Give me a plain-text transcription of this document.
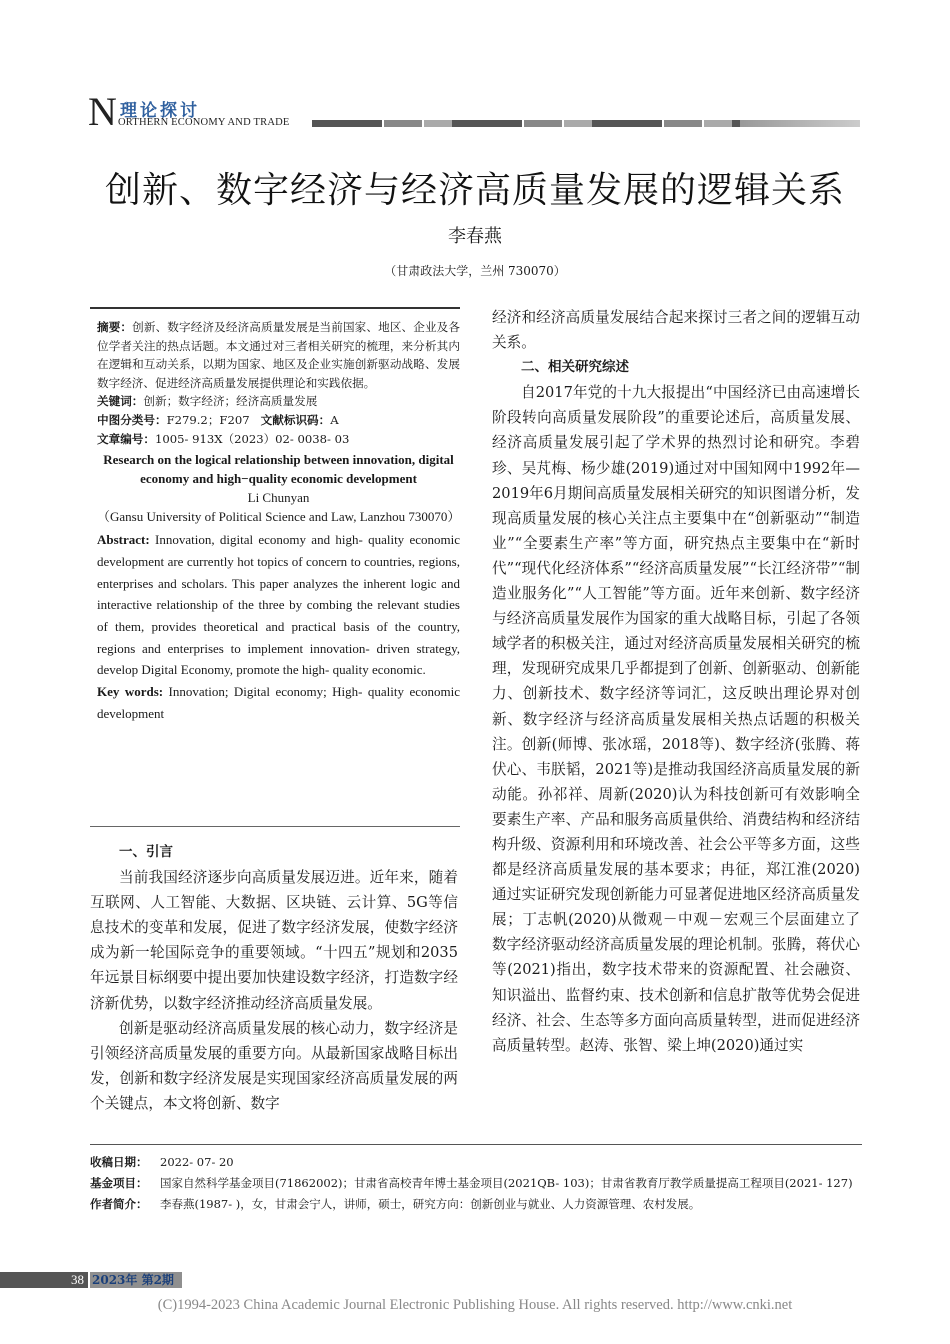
N 理论探讨
ORTHERN ECONOMY AND TRADE
创新、数字经济与经济高质量发展的逻辑关系
李春燕
（甘肃政法大学，兰州 730070）

摘要：创新、数字经济及经济高质量发展是当前国家、地区、企业及各位学者关注的热点话题。本文通过对三者相关研究的梳理，来分析其内在逻辑和互动关系，以期为国家、地区及企业实施创新驱动战略、发展数字经济、促进经济高质量发展提供理论和实践依据。

关键词：创新；数字经济；经济高质量发展

中图分类号：F279.2；F207 文献标识码：A

文章编号：1005- 913X（2023）02- 0038- 03

Research on the logical relationship between innovation, digital economy and high−quality economic development

Li Chunyan

（Gansu University of Political Science and Law, Lanzhou 730070）

Abstract: Innovation, digital economy and high- quality economic development are currently hot topics of concern to countries, regions, enterprises and scholars. This paper analyzes the inherent logic and interactive relationship of the three by combing the relevant studies of them, provides theoretical and practical basis of the country, regions and enterprises to implement innovation- driven strategy, develop Digital Economy, promote the high- quality economic.

Key words: Innovation; Digital economy; High- quality economic development

一、引言

当前我国经济逐步向高质量发展迈进。近年来，随着互联网、人工智能、大数据、区块链、云计算、5G等信息技术的变革和发展，促进了数字经济发展，使数字经济成为新一轮国际竞争的重要领域。“十四五”规划和2035年远景目标纲要中提出要加快建设数字经济，打造数字经济新优势，以数字经济推动经济高质量发展。

创新是驱动经济高质量发展的核心动力，数字经济是引领经济高质量发展的重要方向。从最新国家战略目标出发，创新和数字经济发展是实现国家经济高质量发展的两个关键点，本文将创新、数字

经济和经济高质量发展结合起来探讨三者之间的逻辑互动关系。

二、相关研究综述

自2017年党的十九大报提出“中国经济已由高速增长阶段转向高质量发展阶段”的重要论述后，高质量发展、经济高质量发展引起了学术界的热烈讨论和研究。李碧珍、吴芃梅、杨少雄(2019)通过对中国知网中1992年—2019年6月期间高质量发展相关研究的知识图谱分析，发现高质量发展的核心关注点主要集中在“创新驱动”“制造业”“全要素生产率”等方面，研究热点主要集中在“新时代”“现代化经济体系”“经济高质量发展”“长江经济带”“制造业服务化”“人工智能”等方面。近年来创新、数字经济与经济高质量发展作为国家的重大战略目标，引起了各领域学者的积极关注，通过对经济高质量发展相关研究的梳理，发现研究成果几乎都提到了创新、创新驱动、创新能力、创新技术、数字经济等词汇，这反映出理论界对创新、数字经济与经济高质量发展相关热点话题的积极关注。创新(师博、张冰瑶，2018等)、数字经济(张腾、蒋伏心、韦朕韬，2021等)是推动我国经济高质量发展的新动能。孙祁祥、周新(2020)认为科技创新可有效影响全要素生产率、产品和服务高质量供给、消费结构和经济结构升级、资源利用和环境改善、社会公平等多方面，这些都是经济高质量发展的基本要求；冉征，郑江淮(2020)通过实证研究发现创新能力可显著促进地区经济高质量发展；丁志帆(2020)从微观－中观－宏观三个层面建立了数字经济驱动经济高质量发展的理论机制。张腾，蒋伏心等(2021)指出，数字技术带来的资源配置、社会融资、知识溢出、监督约束、技术创新和信息扩散等优势会促进经济、社会、生态等多方面向高质量转型，进而促进经济高质量转型。赵涛、张智、梁上坤(2020)通过实

收稿日期：	2022- 07- 20
基金项目：	国家自然科学基金项目(71862002)；甘肃省高校青年博士基金项目(2021QB- 103)；甘肃省教育厅教学质量提高工程项目(2021- 127)
作者简介：	李春燕(1987- )，女，甘肃会宁人，讲师，硕士，研究方向：创新创业与就业、人力资源管理、农村发展。
38 2023年 第2期
(C)1994-2023 China Academic Journal Electronic Publishing House. All rights reserved. http://www.cnki.net
